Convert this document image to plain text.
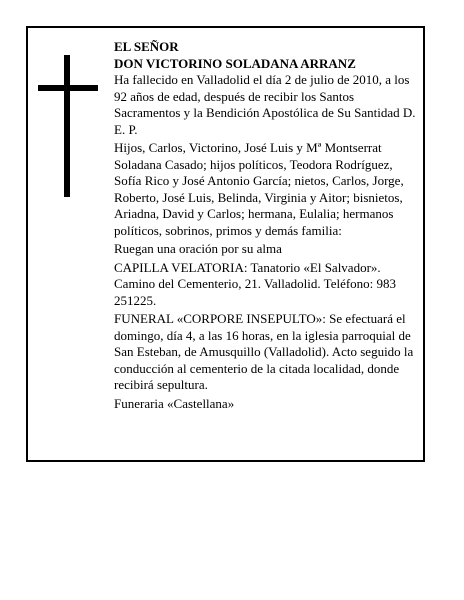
EL SEÑOR

DON VICTORINO SOLADANA ARRANZ

Ha fallecido en Valladolid el día 2 de julio de 2010, a los 92 años de edad, después de recibir los Santos Sacramentos y la Bendición Apostólica de Su Santidad D. E. P.

Hijos, Carlos, Victorino, José Luis y Mª Montserrat Soladana Casado; hijos políticos, Teodora Rodríguez, Sofía Rico y José Antonio García; nietos, Carlos, Jorge, Roberto, José Luis, Belinda, Virginia y Aitor; bisnietos, Ariadna, David y Carlos; hermana, Eulalia; hermanos políticos, sobrinos, primos y demás familia:

Ruegan una oración por su alma

CAPILLA VELATORIA: Tanatorio «El Salvador». Camino del Cementerio, 21. Valladolid. Teléfono: 983 251225.

FUNERAL «CORPORE INSEPULTO»: Se efectuará el domingo, día 4, a las 16 horas, en la iglesia parroquial de San Esteban, de Amusquillo (Valladolid). Acto seguido la conducción al cementerio de la citada localidad, donde recibirá sepultura.

Funeraria «Castellana»
